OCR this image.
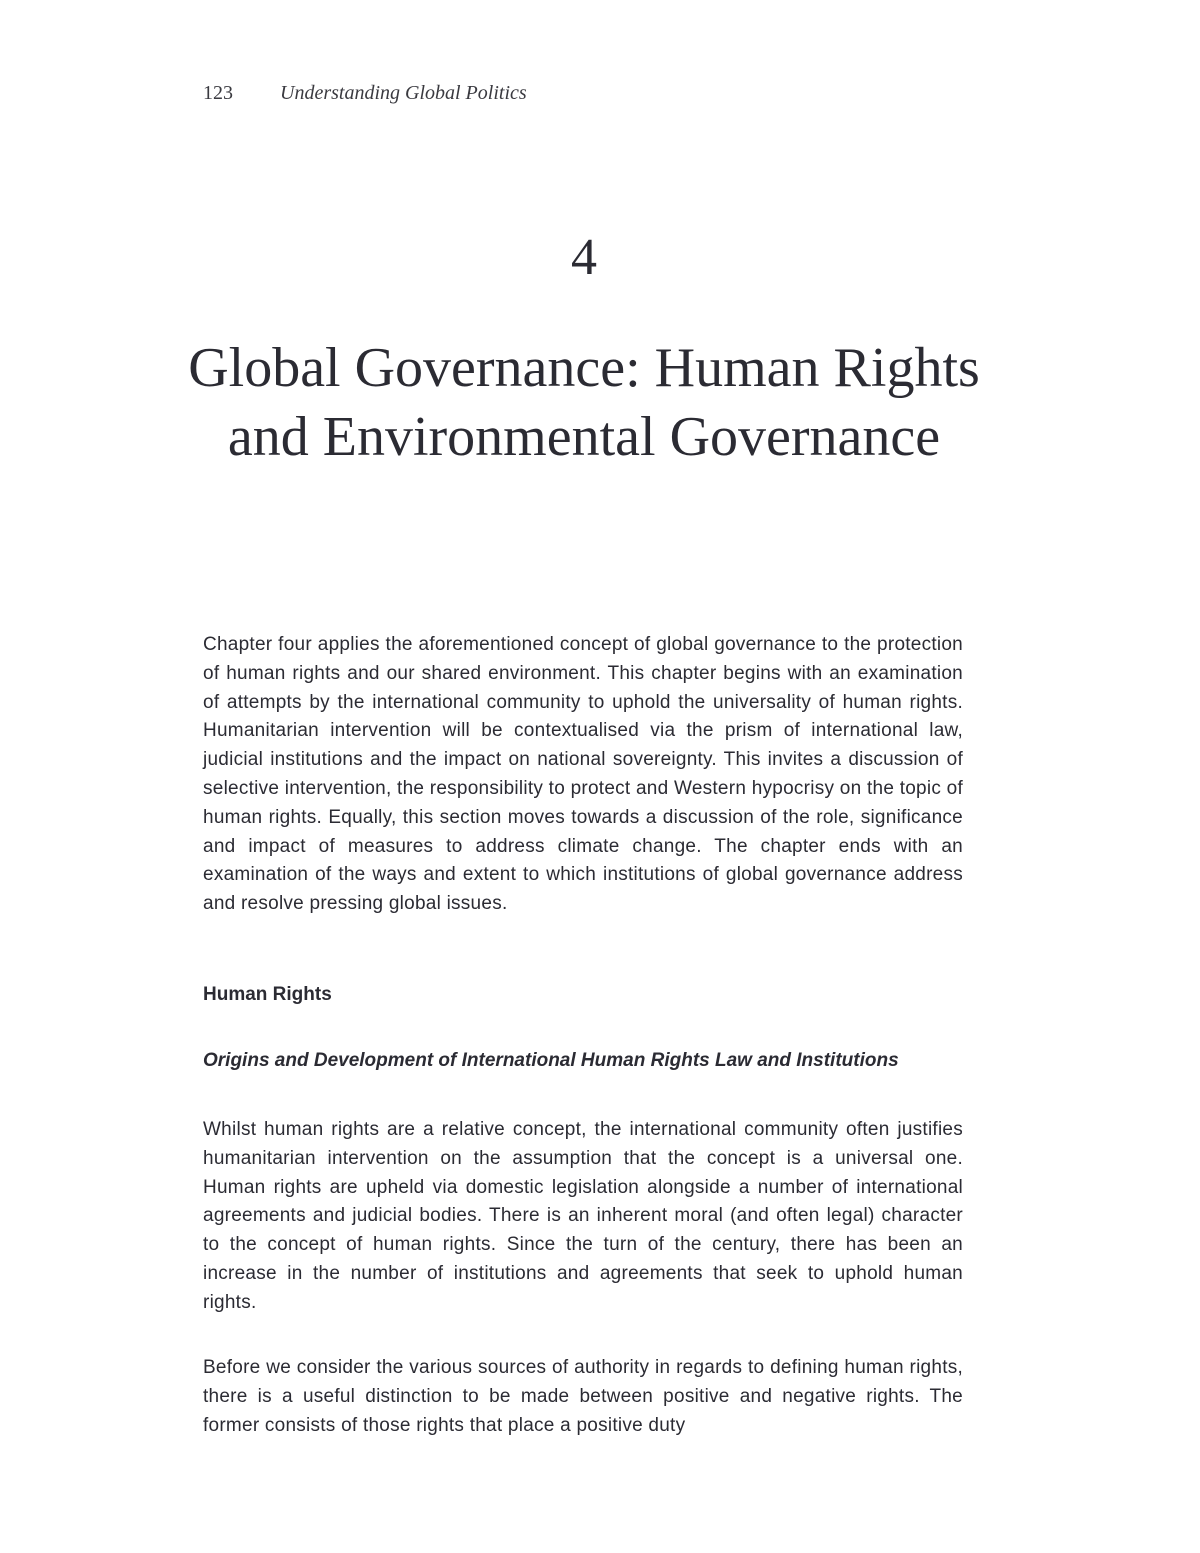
123 Understanding Global Politics
4
Global Governance: Human Rights and Environmental Governance

Chapter four applies the aforementioned concept of global governance to the protection of human rights and our shared environment. This chapter begins with an examination of attempts by the international community to uphold the universality of human rights. Humanitarian intervention will be contextualised via the prism of international law, judicial institutions and the impact on national sovereignty. This invites a discussion of selective intervention, the responsibility to protect and Western hypocrisy on the topic of human rights. Equally, this section moves towards a discussion of the role, significance and impact of measures to address climate change. The chapter ends with an examination of the ways and extent to which institutions of global governance address and resolve pressing global issues.

Human Rights
Origins and Development of International Human Rights Law and Institutions

Whilst human rights are a relative concept, the international community often justifies humanitarian intervention on the assumption that the concept is a universal one. Human rights are upheld via domestic legislation alongside a number of international agreements and judicial bodies. There is an inherent moral (and often legal) character to the concept of human rights. Since the turn of the century, there has been an increase in the number of institutions and agreements that seek to uphold human rights.

Before we consider the various sources of authority in regards to defining human rights, there is a useful distinction to be made between positive and negative rights. The former consists of those rights that place a positive duty
